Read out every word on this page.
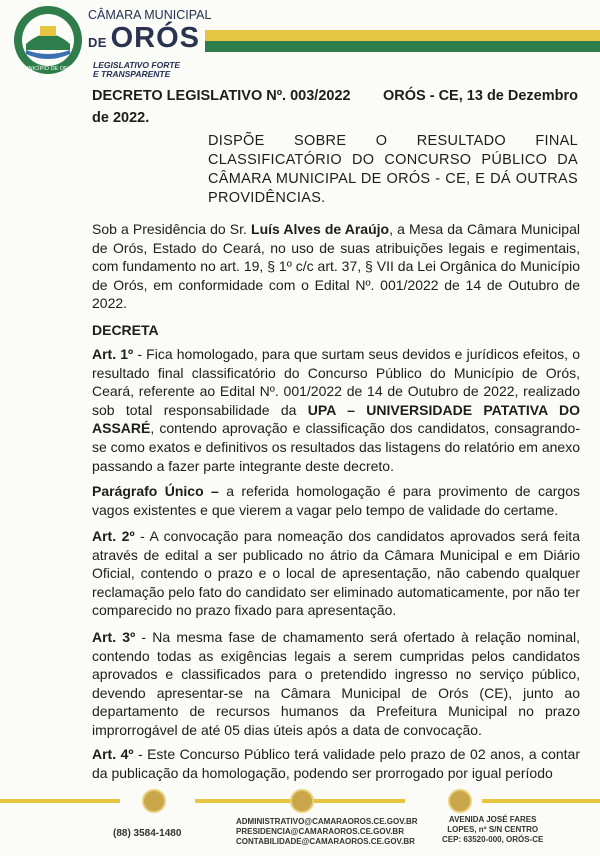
MUNICÍPIO DE ORÓS
CÂMARA MUNICIPAL
DE ORÓS
LEGISLATIVO FORTE
E TRANSPARENTE
DECRETO LEGISLATIVO Nº. 003/2022 ORÓS - CE, 13 de Dezembro

de 2022.
DISPÕE SOBRE O RESULTADO FINAL CLASSIFICATÓRIO DO CONCURSO PÚBLICO DA CÂMARA MUNICIPAL DE ORÓS - CE, E DÁ OUTRAS PROVIDÊNCIAS.
Sob a Presidência do Sr. Luís Alves de Araújo, a Mesa da Câmara Municipal de Orós, Estado do Ceará, no uso de suas atribuições legais e regimentais, com fundamento no art. 19, § 1º c/c art. 37, § VII da Lei Orgânica do Município de Orós, em conformidade com o Edital Nº. 001/2022 de 14 de Outubro de 2022.
DECRETA
Art. 1º - Fica homologado, para que surtam seus devidos e jurídicos efeitos, o resultado final classificatório do Concurso Público do Município de Orós, Ceará, referente ao Edital Nº. 001/2022 de 14 de Outubro de 2022, realizado sob total responsabilidade da UPA – UNIVERSIDADE PATATIVA DO ASSARÉ, contendo aprovação e classificação dos candidatos, consagrando-se como exatos e definitivos os resultados das listagens do relatório em anexo passando a fazer parte integrante deste decreto.
Parágrafo Único – a referida homologação é para provimento de cargos vagos existentes e que vierem a vagar pelo tempo de validade do certame.
Art. 2º - A convocação para nomeação dos candidatos aprovados será feita através de edital a ser publicado no átrio da Câmara Municipal e em Diário Oficial, contendo o prazo e o local de apresentação, não cabendo qualquer reclamação pelo fato do candidato ser eliminado automaticamente, por não ter comparecido no prazo fixado para apresentação.
Art. 3º - Na mesma fase de chamamento será ofertado à relação nominal, contendo todas as exigências legais a serem cumpridas pelos candidatos aprovados e classificados para o pretendido ingresso no serviço público, devendo apresentar-se na Câmara Municipal de Orós (CE), junto ao departamento de recursos humanos da Prefeitura Municipal no prazo improrrogável de até 05 dias úteis após a data de convocação.
Art. 4º - Este Concurso Público terá validade pelo prazo de 02 anos, a contar da publicação da homologação, podendo ser prorrogado por igual período
(88) 3584-1480
ADMINISTRATIVO@CAMARAOROS.CE.GOV.BR
PRESIDENCIA@CAMARAOROS.CE.GOV.BR
CONTABILIDADE@CAMARAOROS.CE.GOV.BR
AVENIDA JOSÉ FARES
LOPES, nº S/N CENTRO
CEP: 63520-000, ORÓS-CE
